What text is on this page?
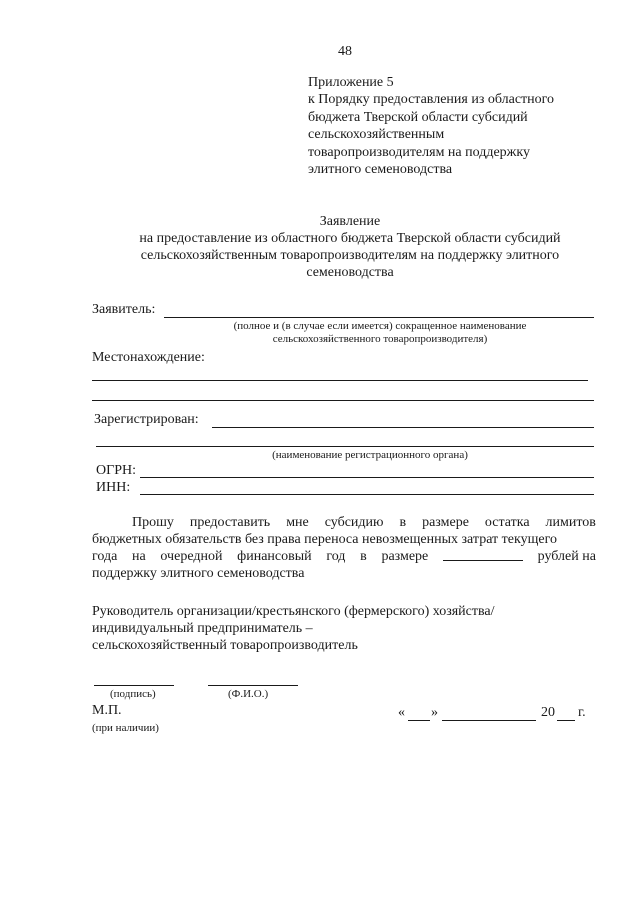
48
Приложение 5
к Порядку предоставления из областного
бюджета Тверской области субсидий
сельскохозяйственным
товаропроизводителям на поддержку
элитного семеноводства
Заявление
на предоставление из областного бюджета Тверской области субсидий
сельскохозяйственным товаропроизводителям на поддержку элитного
семеноводства
Заявитель:
(полное и (в случае если имеется) сокращенное наименование
сельскохозяйственного товаропроизводителя)
Местонахождение:
Зарегистрирован:
(наименование регистрационного органа)
ОГРН:
ИНН:
Прошу предоставить мне субсидию в размере остатка лимитов
бюджетных обязательств без права переноса невозмещенных затрат текущего
года на очередной финансовый год в размере	рублей на
поддержку элитного семеноводства
Руководитель организации/крестьянского (фермерского) хозяйства/
индивидуальный предприниматель –
сельскохозяйственный товаропроизводитель
(подпись)	(Ф.И.О.)
М.П.
(при наличии)
« »	20 г.
